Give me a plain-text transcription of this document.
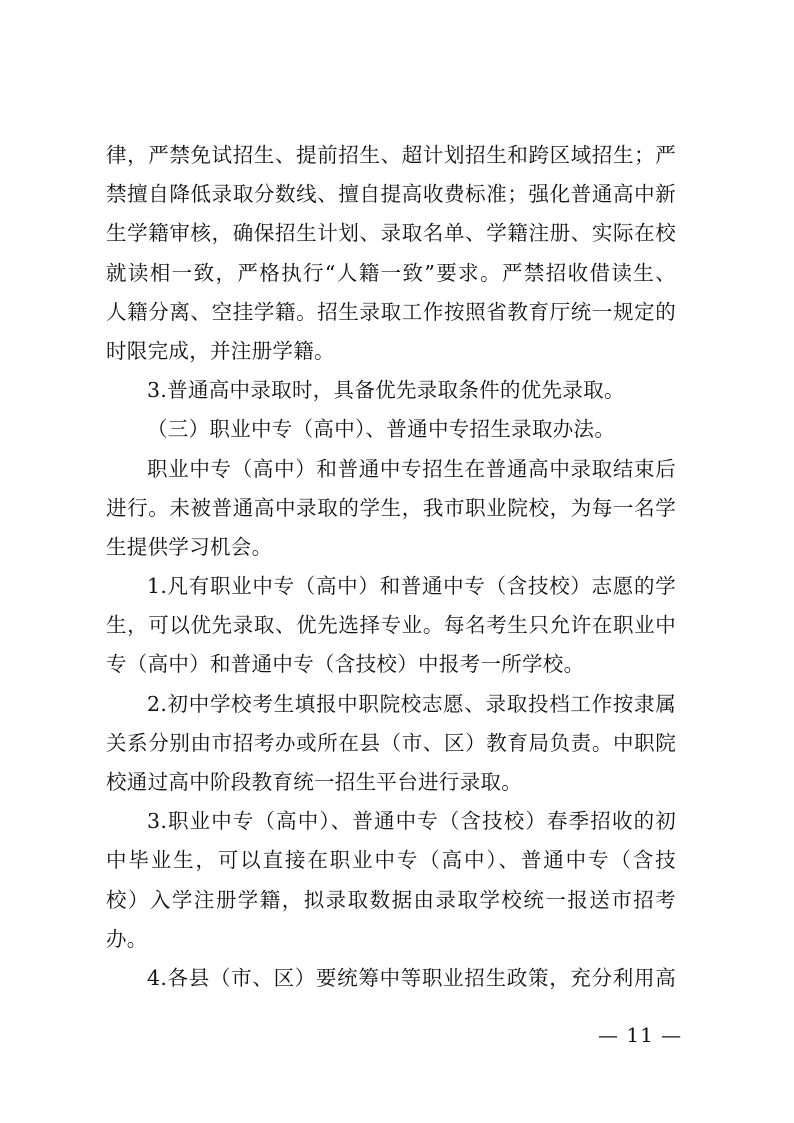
律，严禁免试招生、提前招生、超计划招生和跨区域招生；严
禁擅自降低录取分数线、擅自提高收费标准；强化普通高中新
生学籍审核，确保招生计划、录取名单、学籍注册、实际在校
就读相一致，严格执行“人籍一致”要求。严禁招收借读生、
人籍分离、空挂学籍。招生录取工作按照省教育厅统一规定的
时限完成，并注册学籍。
3.普通高中录取时，具备优先录取条件的优先录取。
（三）职业中专（高中）、普通中专招生录取办法。
职业中专（高中）和普通中专招生在普通高中录取结束后
进行。未被普通高中录取的学生，我市职业院校，为每一名学
生提供学习机会。
1.凡有职业中专（高中）和普通中专（含技校）志愿的学
生，可以优先录取、优先选择专业。每名考生只允许在职业中
专（高中）和普通中专（含技校）中报考一所学校。
2.初中学校考生填报中职院校志愿、录取投档工作按隶属
关系分别由市招考办或所在县（市、区）教育局负责。中职院
校通过高中阶段教育统一招生平台进行录取。
3.职业中专（高中）、普通中专（含技校）春季招收的初
中毕业生，可以直接在职业中专（高中）、普通中专（含技
校）入学注册学籍，拟录取数据由录取学校统一报送市招考
办。
4.各县（市、区）要统筹中等职业招生政策，充分利用高
— 11 —
